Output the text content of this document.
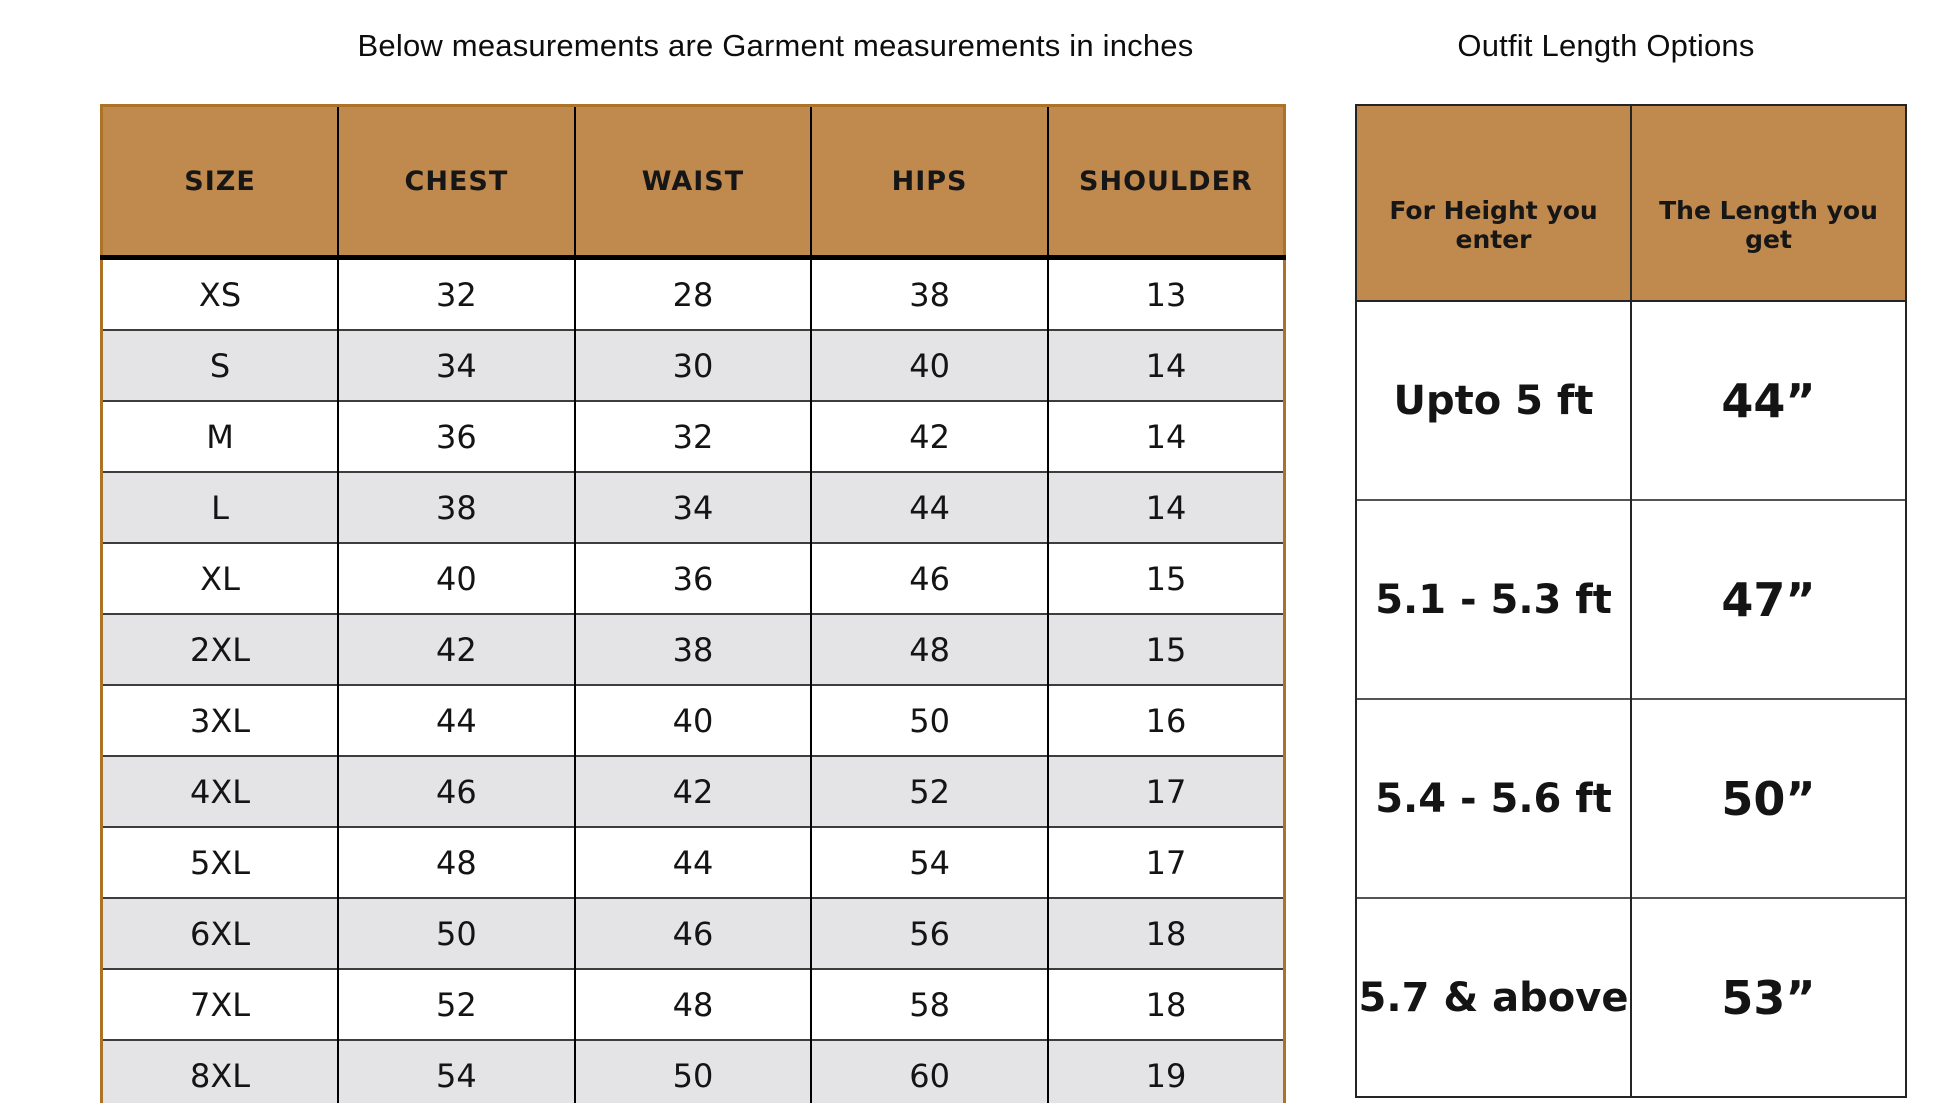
Below measurements are Garment measurements in inches	Outfit Length Options
SIZE	CHEST	WAIST	HIPS	SHOULDER
XS	32	28	38	13
S	34	30	40	14
M	36	32	42	14
L	38	34	44	14
XL	40	36	46	15
2XL	42	38	48	15
3XL	44	40	50	16
4XL	46	42	52	17
5XL	48	44	54	17
6XL	50	46	56	18
7XL	52	48	58	18
8XL	54	50	60	19
For Height you enter	The Length you get
Upto 5 ft	44”
5.1 - 5.3 ft	47”
5.4 - 5.6 ft	50”
5.7 & above	53”
